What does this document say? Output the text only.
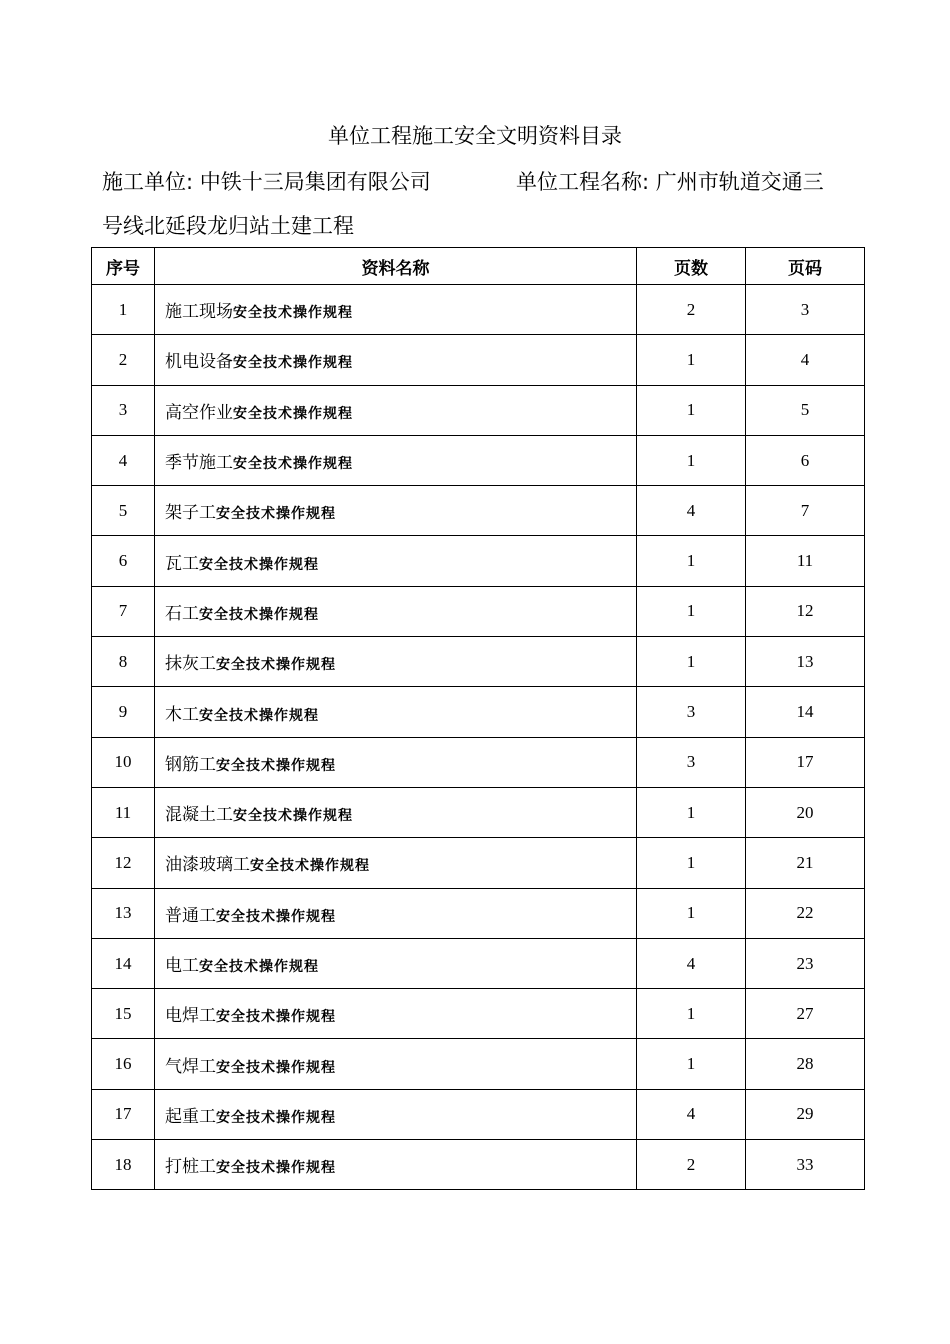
单位工程施工安全文明资料目录
施工单位: 中铁十三局集团有限公司	单位工程名称: 广州市轨道交通三
号线北延段龙归站土建工程
序号	资料名称	页数	页码
1	施工现场安全技术操作规程	2	3
2	机电设备安全技术操作规程	1	4
3	高空作业安全技术操作规程	1	5
4	季节施工安全技术操作规程	1	6
5	架子工安全技术操作规程	4	7
6	瓦工安全技术操作规程	1	11
7	石工安全技术操作规程	1	12
8	抹灰工安全技术操作规程	1	13
9	木工安全技术操作规程	3	14
10	钢筋工安全技术操作规程	3	17
11	混凝土工安全技术操作规程	1	20
12	油漆玻璃工安全技术操作规程	1	21
13	普通工安全技术操作规程	1	22
14	电工安全技术操作规程	4	23
15	电焊工安全技术操作规程	1	27
16	气焊工安全技术操作规程	1	28
17	起重工安全技术操作规程	4	29
18	打桩工安全技术操作规程	2	33
